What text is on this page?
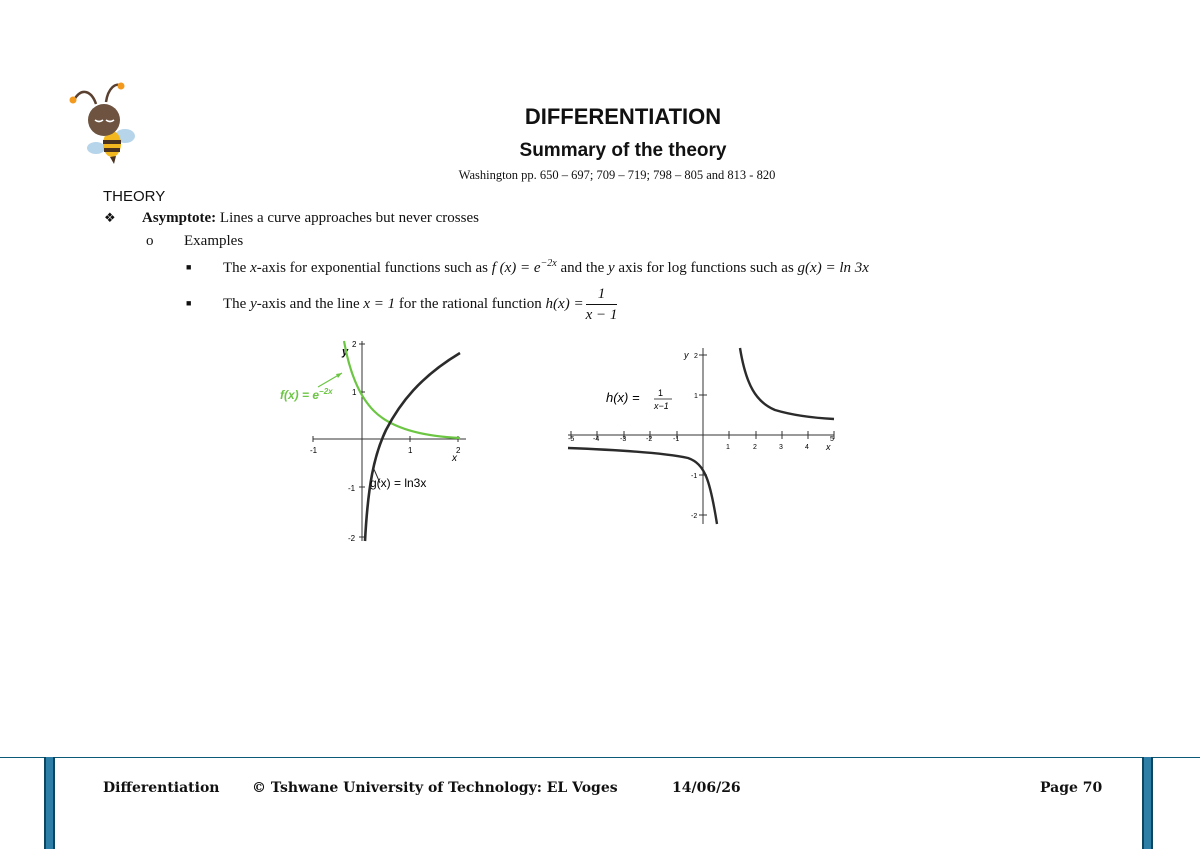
DIFFERENTIATION
Summary of the theory
Washington pp. 650 – 697; 709 – 719; 798 – 805 and 813 - 820
THEORY
❖ Asymptote: Lines a curve approaches but never crosses
o Examples
■ The x-axis for exponential functions such as f $(x) = e^{-2x}$ and the y axis for log functions such as g(x) = ln 3x
■ The y-axis and the line x = 1 for the rational function $h(x) = \frac{1}{x - 1}$
-1	1	2
2
1
-1
-2
y
x
$f(x) = e^{-2x}$
g(x) = ln3x
1	2	3	4
5
-5	-4	-3	-2	-1
2
1
-1
-2
y
x
h(x) = 1
x−1
Differentiation © Tshwane University of Technology: EL Voges	14/06/26	Page 70
